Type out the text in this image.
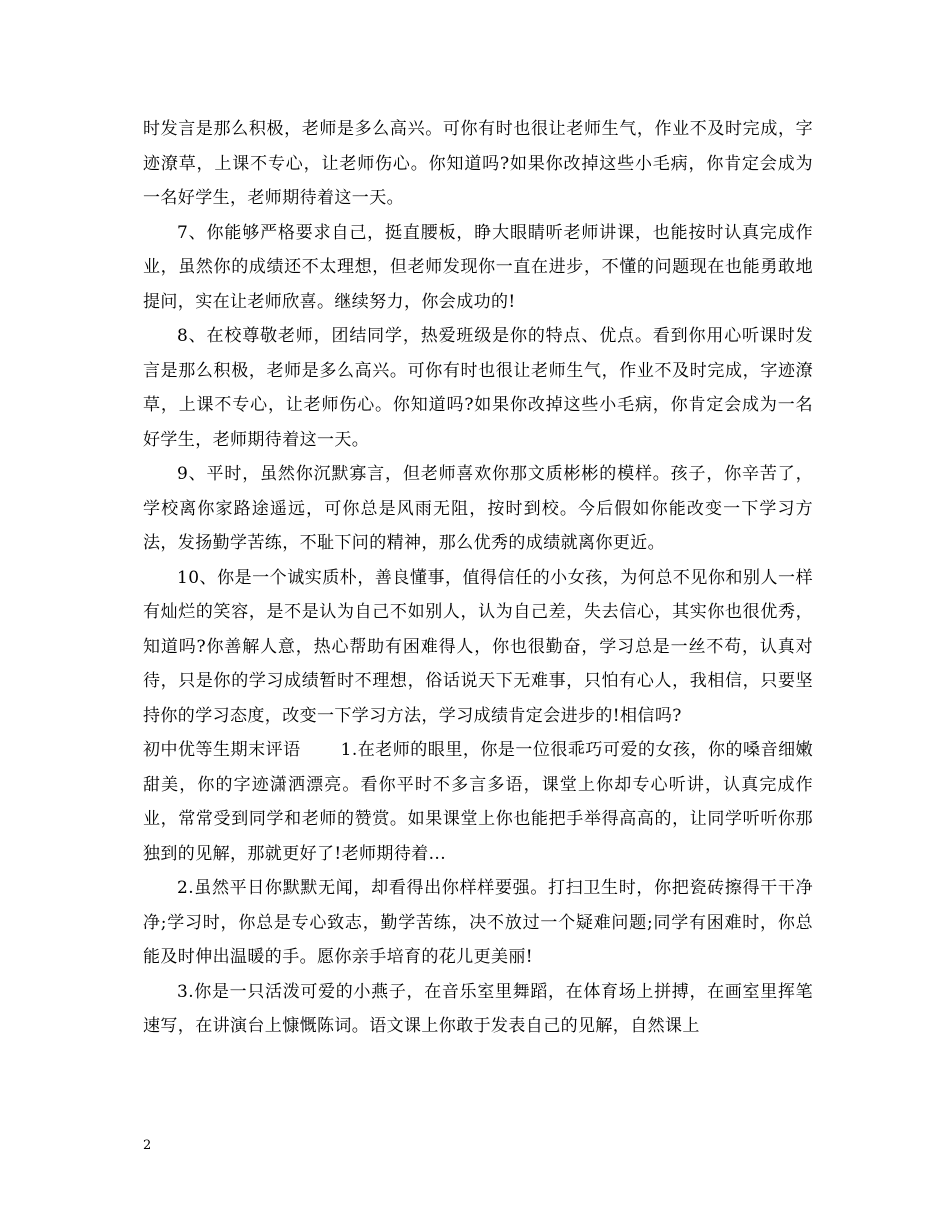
时发言是那么积极，老师是多么高兴。可你有时也很让老师生气，作业不及时完成，字迹潦草，上课不专心，让老师伤心。你知道吗?如果你改掉这些小毛病，你肯定会成为一名好学生，老师期待着这一天。

7、你能够严格要求自己，挺直腰板，睁大眼睛听老师讲课，也能按时认真完成作业，虽然你的成绩还不太理想，但老师发现你一直在进步，不懂的问题现在也能勇敢地提问，实在让老师欣喜。继续努力，你会成功的!

8、在校尊敬老师，团结同学，热爱班级是你的特点、优点。看到你用心听课时发言是那么积极，老师是多么高兴。可你有时也很让老师生气，作业不及时完成，字迹潦草，上课不专心，让老师伤心。你知道吗?如果你改掉这些小毛病，你肯定会成为一名好学生，老师期待着这一天。

9、平时，虽然你沉默寡言，但老师喜欢你那文质彬彬的模样。孩子，你辛苦了，学校离你家路途遥远，可你总是风雨无阻，按时到校。今后假如你能改变一下学习方法，发扬勤学苦练，不耻下问的精神，那么优秀的成绩就离你更近。

10、你是一个诚实质朴，善良懂事，值得信任的小女孩，为何总不见你和别人一样有灿烂的笑容，是不是认为自己不如别人，认为自己差，失去信心，其实你也很优秀，知道吗?你善解人意，热心帮助有困难得人，你也很勤奋，学习总是一丝不苟，认真对待，只是你的学习成绩暂时不理想，俗话说天下无难事，只怕有心人，我相信，只要坚持你的学习态度，改变一下学习方法，学习成绩肯定会进步的!相信吗?

初中优等生期末评语 1.在老师的眼里，你是一位很乖巧可爱的女孩，你的嗓音细嫩甜美，你的字迹潇洒漂亮。看你平时不多言多语，课堂上你却专心听讲，认真完成作业，常常受到同学和老师的赞赏。如果课堂上你也能把手举得高高的，让同学听听你那独到的见解，那就更好了!老师期待着...

2.虽然平日你默默无闻，却看得出你样样要强。打扫卫生时，你把瓷砖擦得干干净净;学习时，你总是专心致志，勤学苦练，决不放过一个疑难问题;同学有困难时，你总能及时伸出温暖的手。愿你亲手培育的花儿更美丽!

3.你是一只活泼可爱的小燕子，在音乐室里舞蹈，在体育场上拼搏，在画室里挥笔速写，在讲演台上慷慨陈词。语文课上你敢于发表自己的见解，自然课上

2
